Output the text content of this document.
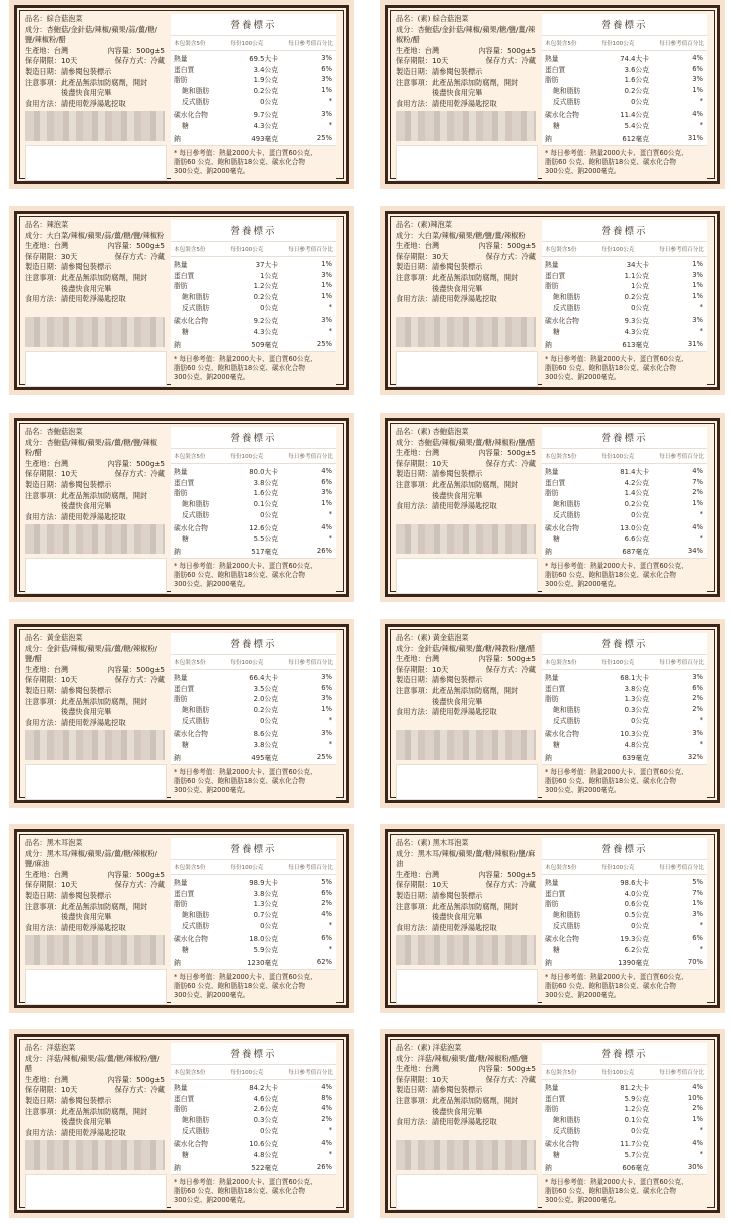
品名：綜合菇泡菜
成分：杏鮑菇/金針菇/辣椒/蘋果/蒜/薑/糖/鹽/辣椒粉/醋
生產地：台灣	內容量：500g±5
保存期限：10天	保存方式：冷藏
製造日期：請參閱包裝標示
注意事項：此產品無添加防腐劑，開封
後盡快食用完畢
食用方法：請使用乾淨湯匙挖取
營養標示
本包裝含5份	每份100公克	每日參考值百分比
熱量	69.5大卡	3%
蛋白質	3.4公克	6%
脂肪	1.9公克	3%
飽和脂肪	0.2公克	1%
反式脂肪	0公克	*
碳水化合物	9.7公克	3%
糖	4.3公克	*
鈉	493毫克	25%
* 每日參考值：熱量2000大卡、蛋白質60公克、
脂肪60 公克、飽和脂肪18公克、碳水化合物
300公克、鈉2000毫克。
品名：(素) 綜合菇泡菜
成分：杏鮑菇/金針菇/辣椒/蘋果/糖/鹽/薑/辣椒粉/醋
生產地：台灣	內容量：500g±5
保存期限：10天	保存方式：冷藏
製造日期：請參閱包裝標示
注意事項：此產品無添加防腐劑，開封
後盡快食用完畢
食用方法：請使用乾淨湯匙挖取
營養標示
本包裝含5份	每份100公克	每日參考值百分比
熱量	74.4大卡	4%
蛋白質	3.6公克	6%
脂肪	1.6公克	3%
飽和脂肪	0.2公克	1%
反式脂肪	0公克	*
碳水化合物	11.4公克	4%
糖	5.4公克	*
鈉	612毫克	31%
* 每日參考值：熱量2000大卡、蛋白質60公克、
脂肪60 公克、飽和脂肪18公克、碳水化合物
300公克、鈉2000毫克。
品名：辣泡菜
成分：大白菜/辣椒/蘋果/蒜/薑/糖/鹽/辣椒粉
生產地：台灣	內容量：500g±5
保存期限：30天	保存方式：冷藏
製造日期：請參閱包裝標示
注意事項：此產品無添加防腐劑，開封
後盡快食用完畢
食用方法：請使用乾淨湯匙挖取
營養標示
本包裝含5份	每份100公克	每日參考值百分比
熱量	37大卡	1%
蛋白質	1公克	3%
脂肪	1.2公克	1%
飽和脂肪	0.2公克	1%
反式脂肪	0公克	*
碳水化合物	9.2公克	3%
糖	4.3公克	*
鈉	509毫克	25%
* 每日參考值：熱量2000大卡、蛋白質60公克、
脂肪60 公克、飽和脂肪18公克、碳水化合物
300公克、鈉2000毫克。
品名：(素)辣泡菜
成分：大白菜/辣椒/蘋果/糖/鹽/薑/辣椒粉
生產地：台灣	內容量：500g±5
保存期限：30天	保存方式：冷藏
製造日期：請參閱包裝標示
注意事項：此產品無添加防腐劑，開封
後盡快食用完畢
食用方法：請使用乾淨湯匙挖取
營養標示
本包裝含5份	每份100公克	每日參考值百分比
熱量	34大卡	1%
蛋白質	1.1公克	3%
脂肪	1公克	1%
飽和脂肪	0.2公克	1%
反式脂肪	0公克	*
碳水化合物	9.3公克	3%
糖	4.3公克	*
鈉	613毫克	31%
* 每日參考值：熱量2000大卡、蛋白質60公克、
脂肪60 公克、飽和脂肪18公克、碳水化合物
300公克、鈉2000毫克。
品名：杏鮑菇泡菜
成分：杏鮑菇/辣椒/蘋果/蒜/薑/糖/鹽/辣椒粉/醋
生產地：台灣	內容量：500g±5
保存期限：10天	保存方式：冷藏
製造日期：請參閱包裝標示
注意事項：此產品無添加防腐劑，開封
後盡快食用完畢
食用方法：請使用乾淨湯匙挖取
營養標示
本包裝含5份	每份100公克	每日參考值百分比
熱量	80.0大卡	4%
蛋白質	3.8公克	6%
脂肪	1.6公克	3%
飽和脂肪	0.1公克	1%
反式脂肪	0公克	*
碳水化合物	12.6公克	4%
糖	5.5公克	*
鈉	517毫克	26%
* 每日參考值：熱量2000大卡、蛋白質60公克、
脂肪60 公克、飽和脂肪18公克、碳水化合物
300公克、鈉2000毫克。
品名：(素) 杏鮑菇泡菜
成分：杏鮑菇/辣椒/蘋果/薑/糖/辣椒粉/鹽/醋
生產地：台灣	內容量：500g±5
保存期限：10天	保存方式：冷藏
製造日期：請參閱包裝標示
注意事項：此產品無添加防腐劑，開封
後盡快食用完畢
食用方法：請使用乾淨湯匙挖取
營養標示
本包裝含5份	每份100公克	每日參考值百分比
熱量	81.4大卡	4%
蛋白質	4.2公克	7%
脂肪	1.4公克	2%
飽和脂肪	0.2公克	1%
反式脂肪	0公克	*
碳水化合物	13.0公克	4%
糖	6.6公克	*
鈉	687毫克	34%
* 每日參考值：熱量2000大卡、蛋白質60公克、
脂肪60 公克、飽和脂肪18公克、碳水化合物
300公克、鈉2000毫克。
品名：黃金菇泡菜
成分：金針菇/辣椒/蘋果/蒜/薑/糖/辣椒粉/鹽/醋
生產地：台灣	內容量：500g±5
保存期限：10天	保存方式：冷藏
製造日期：請參閱包裝標示
注意事項：此產品無添加防腐劑，開封
後盡快食用完畢
食用方法：請使用乾淨湯匙挖取
營養標示
本包裝含5份	每份100公克	每日參考值百分比
熱量	66.4大卡	3%
蛋白質	3.5公克	6%
脂肪	2.0公克	3%
飽和脂肪	0.2公克	1%
反式脂肪	0公克	*
碳水化合物	8.6公克	3%
糖	3.8公克	*
鈉	495毫克	25%
* 每日參考值：熱量2000大卡、蛋白質60公克、
脂肪60 公克、飽和脂肪18公克、碳水化合物
300公克、鈉2000毫克。
品名：(素) 黃金菇泡菜
成分：金針菇/辣椒/蘋果/薑/糖/辣教粉/鹽/醋
生產地：台灣	內容量：500g±5
保存期限：10天	保存方式：冷藏
製造日期：請參閱包裝標示
注意事項：此產品無添加防腐劑，開封
後盡快食用完畢
食用方法：請使用乾淨湯匙挖取
營養標示
本包裝含5份	每份100公克	每日參考值百分比
熱量	68.1大卡	3%
蛋白質	3.8公克	6%
脂肪	1.3公克	2%
飽和脂肪	0.3公克	2%
反式脂肪	0公克	*
碳水化合物	10.3公克	3%
糖	4.8公克	*
鈉	639毫克	32%
* 每日參考值：熱量2000大卡、蛋白質60公克、
脂肪60 公克、飽和脂肪18公克、碳水化合物
300公克、鈉2000毫克。
品名：黑木耳泡菜
成分：黑木耳/辣椒/蘋果/蒜/薑/糖/辣椒粉/鹽/麻油
生產地：台灣	內容量：500g±5
保存期限：10天	保存方式：冷藏
製造日期：請參閱包裝標示
注意事項：此產品無添加防腐劑，開封
後盡快食用完畢
食用方法：請使用乾淨湯匙挖取
營養標示
本包裝含5份	每份100公克	每日參考值百分比
熱量	98.9大卡	5%
蛋白質	3.8公克	6%
脂肪	1.3公克	2%
飽和脂肪	0.7公克	4%
反式脂肪	0公克	*
碳水化合物	18.0公克	6%
糖	5.9公克	*
鈉	1230毫克	62%
* 每日參考值：熱量2000大卡、蛋白質60公克、
脂肪60 公克、飽和脂肪18公克、碳水化合物
300公克、鈉2000毫克。
品名：(素) 黑木耳泡菜
成分：黑木耳/辣椒/蘋果/薑/糖/辣椒粉/鹽/麻油
生產地：台灣	內容量：500g±5
保存期限：10天	保存方式：冷藏
製造日期：請參閱包裝標示
注意事項：此產品無添加防腐劑，開封
後盡快食用完畢
食用方法：請使用乾淨湯匙挖取
營養標示
本包裝含5份	每份100公克	每日參考值百分比
熱量	98.6大卡	5%
蛋白質	4.0公克	7%
脂肪	0.6公克	1%
飽和脂肪	0.5公克	3%
反式脂肪	0公克	*
碳水化合物	19.3公克	6%
糖	6.2公克	*
鈉	1390毫克	70%
* 每日參考值：熱量2000大卡、蛋白質60公克、
脂肪60 公克、飽和脂肪18公克、碳水化合物
300公克、鈉2000毫克。
品名：洋菇泡菜
成分：洋菇/辣椒/蘋果/蒜/薑/糖/辣椒粉/鹽/醋
生產地：台灣	內容量：500g±5
保存期限：10天	保存方式：冷藏
製造日期：請參閱包裝標示
注意事項：此產品無添加防腐劑，開封
後盡快食用完畢
食用方法：請使用乾淨湯匙挖取
營養標示
本包裝含5份	每份100公克	每日參考值百分比
熱量	84.2大卡	4%
蛋白質	4.6公克	8%
脂肪	2.6公克	4%
飽和脂肪	0.3公克	2%
反式脂肪	0公克	*
碳水化合物	10.6公克	4%
糖	4.8公克	*
鈉	522毫克	26%
* 每日參考值：熱量2000大卡、蛋白質60公克、
脂肪60 公克、飽和脂肪18公克、碳水化合物
300公克、鈉2000毫克。
品名：(素) 洋菇泡菜
成分：洋菇/辣椒/蘋果/薑/糖/辣椒粉/醋/鹽
生產地：台灣	內容量：500g±5
保存期限：10天	保存方式：冷藏
製造日期：請參閱包裝標示
注意事項：此產品無添加防腐劑，開封
後盡快食用完畢
食用方法：請使用乾淨湯匙挖取
營養標示
本包裝含5份	每份100公克	每日參考值百分比
熱量	81.2大卡	4%
蛋白質	5.9公克	10%
脂肪	1.2公克	2%
飽和脂肪	0.1公克	1%
反式脂肪	0公克	*
碳水化合物	11.7公克	4%
糖	5.7公克	*
鈉	606毫克	30%
* 每日參考值：熱量2000大卡、蛋白質60公克、
脂肪60 公克、飽和脂肪18公克、碳水化合物
300公克、鈉2000毫克。
